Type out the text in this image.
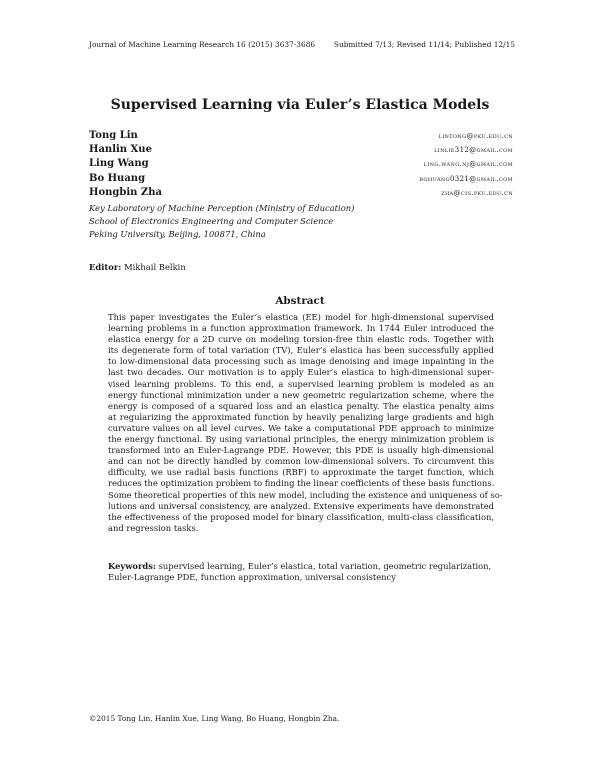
Journal of Machine Learning Research 16 (2015) 3637-3686	Submitted 7/13; Revised 11/14; Published 12/15
Supervised Learning via Euler’s Elastica Models
Tong Lin	lintong@pku.edu.cn
Hanlin Xue	linlie312@gmail.com
Ling Wang	ling.wang.nj@gmail.com
Bo Huang	bohuang0321@gmail.com
Hongbin Zha	zha@cis.pku.edu.cn
Key Laboratory of Machine Perception (Ministry of Education)
School of Electronics Engineering and Computer Science
Peking University, Beijing, 100871, China
Editor: Mikhail Belkin
Abstract
This paper investigates the Euler’s elastica (EE) model for high-dimensional supervised
learning problems in a function approximation framework. In 1744 Euler introduced the
elastica energy for a 2D curve on modeling torsion-free thin elastic rods. Together with
its degenerate form of total variation (TV), Euler’s elastica has been successfully applied
to low-dimensional data processing such as image denoising and image inpainting in the
last two decades. Our motivation is to apply Euler’s elastica to high-dimensional super-
vised learning problems. To this end, a supervised learning problem is modeled as an
energy functional minimization under a new geometric regularization scheme, where the
energy is composed of a squared loss and an elastica penalty. The elastica penalty aims
at regularizing the approximated function by heavily penalizing large gradients and high
curvature values on all level curves. We take a computational PDE approach to minimize
the energy functional. By using variational principles, the energy minimization problem is
transformed into an Euler-Lagrange PDE. However, this PDE is usually high-dimensional
and can not be directly handled by common low-dimensional solvers. To circumvent this
difficulty, we use radial basis functions (RBF) to approximate the target function, which
reduces the optimization problem to finding the linear coefficients of these basis functions.
Some theoretical properties of this new model, including the existence and uniqueness of so-
lutions and universal consistency, are analyzed. Extensive experiments have demonstrated
the effectiveness of the proposed model for binary classification, multi-class classification,
and regression tasks.
Keywords: supervised learning, Euler’s elastica, total variation, geometric regularization,
Euler-Lagrange PDE, function approximation, universal consistency
©2015 Tong Lin, Hanlin Xue, Ling Wang, Bo Huang, Hongbin Zha.
